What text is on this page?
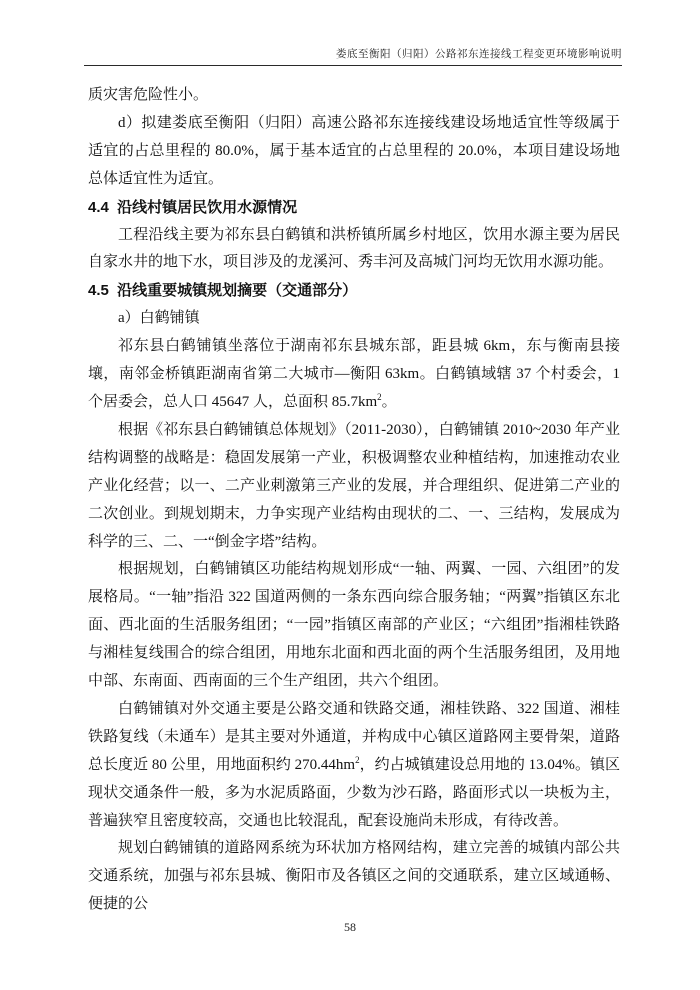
娄底至衡阳（归阳）公路祁东连接线工程变更环境影响说明

质灾害危险性小。

d）拟建娄底至衡阳（归阳）高速公路祁东连接线建设场地适宜性等级属于适宜的占总里程的 80.0%，属于基本适宜的占总里程的 20.0%，本项目建设场地总体适宜性为适宜。

4.4 沿线村镇居民饮用水源情况

工程沿线主要为祁东县白鹤镇和洪桥镇所属乡村地区，饮用水源主要为居民自家水井的地下水，项目涉及的龙溪河、秀丰河及高城门河均无饮用水源功能。

4.5 沿线重要城镇规划摘要（交通部分）

a）白鹤铺镇

祁东县白鹤铺镇坐落位于湖南祁东县城东部，距县城 6km，东与衡南县接壤，南邻金桥镇距湖南省第二大城市—衡阳 63km。白鹤镇域辖 37 个村委会，1 个居委会，总人口 45647 人，总面积 $85.7km^2$。

根据《祁东县白鹤铺镇总体规划》（2011-2030），白鹤铺镇 2010~2030 年产业结构调整的战略是：稳固发展第一产业，积极调整农业种植结构，加速推动农业产业化经营；以一、二产业刺激第三产业的发展，并合理组织、促进第二产业的二次创业。到规划期末，力争实现产业结构由现状的二、一、三结构，发展成为科学的三、二、一“倒金字塔”结构。

根据规划，白鹤铺镇区功能结构规划形成“一轴、两翼、一园、六组团”的发展格局。“一轴”指沿 322 国道两侧的一条东西向综合服务轴；“两翼”指镇区东北面、西北面的生活服务组团；“一园”指镇区南部的产业区；“六组团”指湘桂铁路与湘桂复线围合的综合组团，用地东北面和西北面的两个生活服务组团，及用地中部、东南面、西南面的三个生产组团，共六个组团。

白鹤铺镇对外交通主要是公路交通和铁路交通，湘桂铁路、322 国道、湘桂铁路复线（未通车）是其主要对外通道，并构成中心镇区道路网主要骨架，道路总长度近 80 公里，用地面积约 $270.44hm^2$，约占城镇建设总用地的 13.04%。镇区现状交通条件一般，多为水泥质路面，少数为沙石路，路面形式以一块板为主，普遍狭窄且密度较高，交通也比较混乱，配套设施尚未形成，有待改善。

规划白鹤铺镇的道路网系统为环状加方格网结构，建立完善的城镇内部公共交通系统，加强与祁东县城、衡阳市及各镇区之间的交通联系，建立区域通畅、便捷的公

58
